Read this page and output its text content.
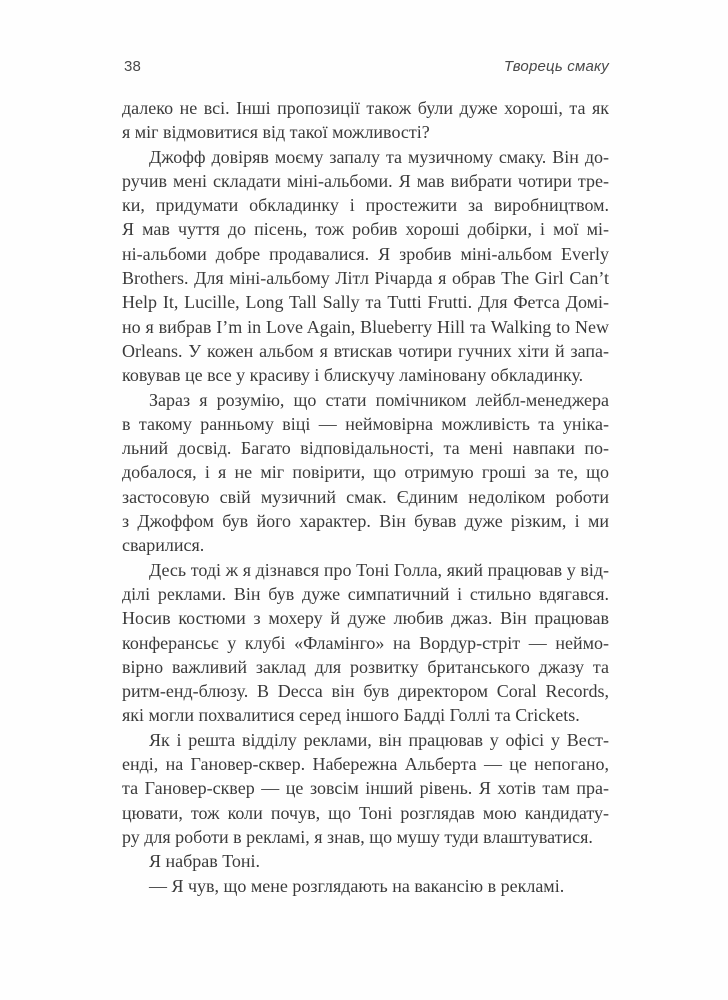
38	Творець смаку
далеко не всі. Інші пропозиції також були дуже хороші, та як
я міг відмовитися від такої можливості?
Джофф довіряв моєму запалу та музичному смаку. Він до-
ручив мені складати міні-альбоми. Я мав вибрати чотири тре-
ки, придумати обкладинку і простежити за виробництвом.
Я мав чуття до пісень, тож робив хороші добірки, і мої мі-
ні-альбоми добре продавалися. Я зробив міні-альбом Everly
Brothers. Для міні-альбому Літл Річарда я обрав The Girl Can’t
Help It, Lucille, Long Tall Sally та Tutti Frutti. Для Фетса Домі-
но я вибрав I’m in Love Again, Blueberry Hill та Walking to New
Orleans. У кожен альбом я втискав чотири гучних хіти й запа-
ковував це все у красиву і блискучу ламіновану обкладинку.
Зараз я розумію, що стати помічником лейбл-менеджера
в такому ранньому віці — неймовірна можливість та уніка-
льний досвід. Багато відповідальності, та мені навпаки по-
добалося, і я не міг повірити, що отримую гроші за те, що
застосовую свій музичний смак. Єдиним недоліком роботи
з Джоффом був його характер. Він бував дуже різким, і ми
сварилися.
Десь тоді ж я дізнався про Тоні Голла, який працював у від-
ділі реклами. Він був дуже симпатичний і стильно вдягався.
Носив костюми з мохеру й дуже любив джаз. Він працював
конферансьє у клубі «Фламінго» на Вордур-стріт — неймо-
вірно важливий заклад для розвитку британського джазу та
ритм-енд-блюзу. В Decca він був директором Coral Records,
які могли похвалитися серед іншого Бадді Голлі та Crickets.
Як і решта відділу реклами, він працював у офісі у Вест-
енді, на Гановер-сквер. Набережна Альберта — це непогано,
та Гановер-сквер — це зовсім інший рівень. Я хотів там пра-
цювати, тож коли почув, що Тоні розглядав мою кандидату-
ру для роботи в рекламі, я знав, що мушу туди влаштуватися.
Я набрав Тоні.
— Я чув, що мене розглядають на вакансію в рекламі.
